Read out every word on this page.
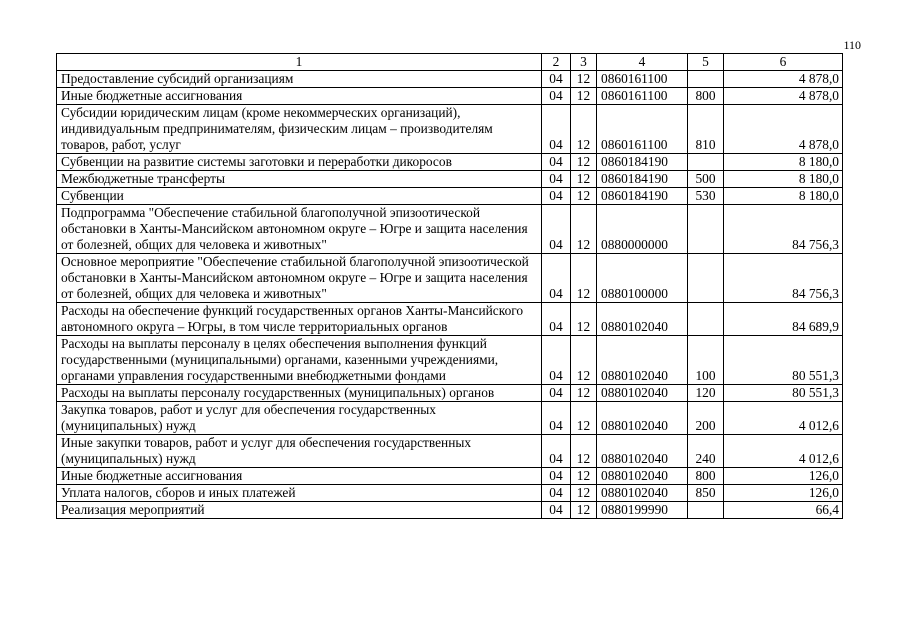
110
1	2	3	4	5	6
Предоставление субсидий организациям	04	12	0860161100		4 878,0
Иные бюджетные ассигнования	04	12	0860161100	800	4 878,0
Субсидии юридическим лицам (кроме некоммерческих организаций), индивидуальным предпринимателям, физическим лицам – производителям товаров, работ, услуг	04	12	0860161100	810	4 878,0
Субвенции на развитие системы заготовки и переработки дикоросов	04	12	0860184190		8 180,0
Межбюджетные трансферты	04	12	0860184190	500	8 180,0
Субвенции	04	12	0860184190	530	8 180,0
Подпрограмма "Обеспечение стабильной благополучной эпизоотической обстановки в Ханты-Мансийском автономном округе – Югре и защита населения от болезней, общих для человека и животных"	04	12	0880000000		84 756,3
Основное мероприятие "Обеспечение стабильной благополучной эпизоотической обстановки в Ханты-Мансийском автономном округе – Югре и защита населения от болезней, общих для человека и животных"	04	12	0880100000		84 756,3
Расходы на обеспечение функций государственных органов Ханты-Мансийского автономного округа – Югры, в том числе территориальных органов	04	12	0880102040		84 689,9
Расходы на выплаты персоналу в целях обеспечения выполнения функций государственными (муниципальными) органами, казенными учреждениями, органами управления государственными внебюджетными фондами	04	12	0880102040	100	80 551,3
Расходы на выплаты персоналу государственных (муниципальных) органов	04	12	0880102040	120	80 551,3
Закупка товаров, работ и услуг для обеспечения государственных (муниципальных) нужд	04	12	0880102040	200	4 012,6
Иные закупки товаров, работ и услуг для обеспечения государственных (муниципальных) нужд	04	12	0880102040	240	4 012,6
Иные бюджетные ассигнования	04	12	0880102040	800	126,0
Уплата налогов, сборов и иных платежей	04	12	0880102040	850	126,0
Реализация мероприятий	04	12	0880199990		66,4
